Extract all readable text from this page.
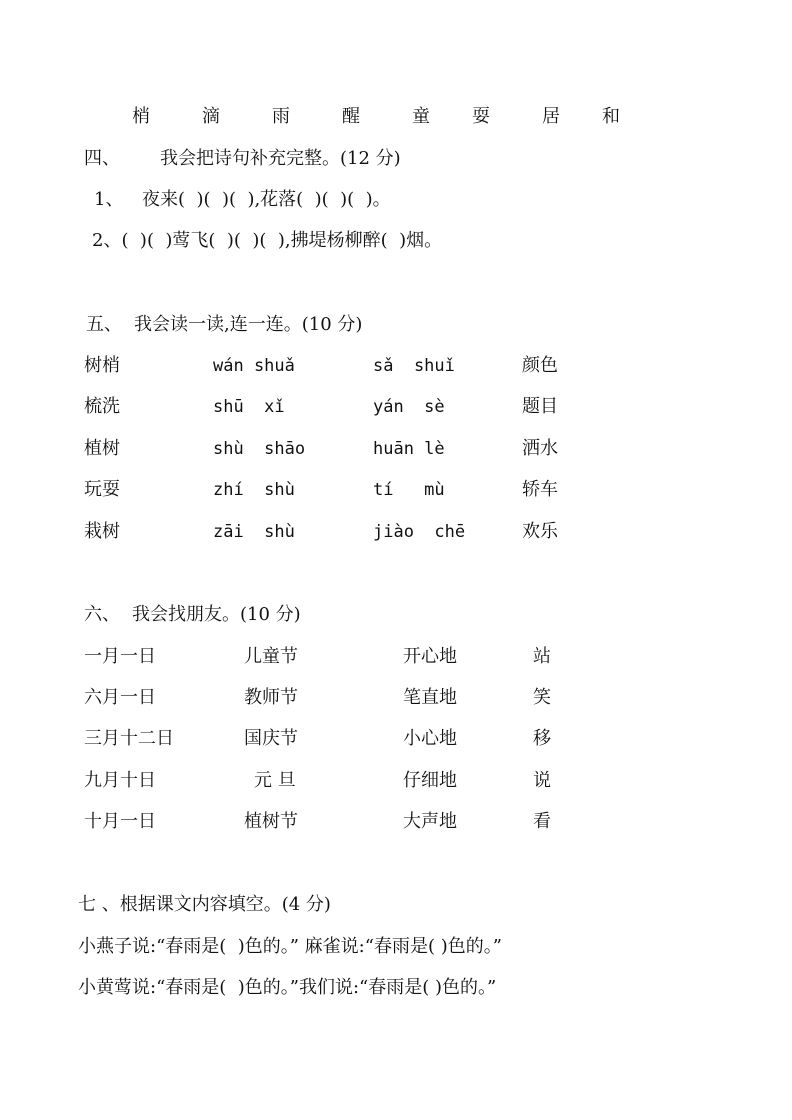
梢	滴	雨	醒	童 耍	居 和
四、 我会把诗句补充完整。(12 分)
1、 夜来(  )(  )(  ),花落(  )(  )(  )。
2、(  )(  )莺飞(  )(  )(  ),拂堤杨柳醉(  )烟。
五、 我会读一读,连一连。(10 分)
树梢	wán shuǎ	sǎ  shuǐ	颜色
梳洗	shū  xǐ	yán  sè	题目
植树	shù  shāo	huān lè	洒水
玩耍	zhí  shù	tí   mù	轿车
栽树	zāi  shù	jiào  chē	欢乐
六、 我会找朋友。(10 分)
一月一日	儿童节	开心地	站
六月一日	教师节	笔直地	笑
三月十二日	国庆节	小心地	移
九月十日	元 旦	仔细地	说
十月一日	植树节	大声地	看
七 、根据课文内容填空。(4 分)
小燕子说:“春雨是(  )色的。” 麻雀说:“春雨是( )色的。”
小黄莺说:“春雨是(  )色的。”我们说:“春雨是( )色的。”
